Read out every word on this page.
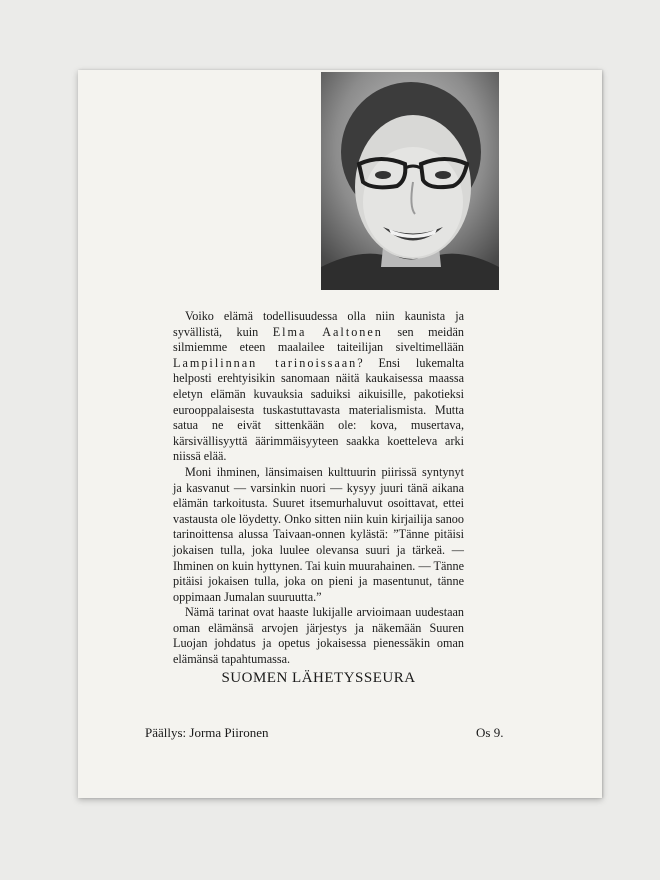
Voiko elämä todellisuudessa olla niin kaunista ja syvällistä, kuin Elma Aaltonen sen meidän silmiemme eteen maalailee taiteilijan siveltimellään Lampilinnan tarinoissaan? Ensi lukemalta helposti erehtyisikin sanomaan näitä kaukaisessa maassa eletyn elämän kuvauksia saduiksi aikuisille, pakotieksi eurooppalaisesta tuskastuttavasta materialismista. Mutta satua ne eivät sittenkään ole: kova, musertava, kärsivällisyyttä äärimmäisyyteen saakka koetteleva arki niissä elää.

Moni ihminen, länsimaisen kulttuurin piirissä syntynyt ja kasvanut — varsinkin nuori — kysyy juuri tänä aikana elämän tarkoitusta. Suuret itsemurhaluvut osoittavat, ettei vastausta ole löydetty. Onko sitten niin kuin kirjailija sanoo tarinoittensa alussa Taivaan-onnen kylästä: ”Tänne pitäisi jokaisen tulla, joka luulee olevansa suuri ja tärkeä. — Ihminen on kuin hyttynen. Tai kuin muurahainen. — Tänne pitäisi jokaisen tulla, joka on pieni ja masentunut, tänne oppimaan Jumalan suuruutta.”

Nämä tarinat ovat haaste lukijalle arvioimaan uudestaan oman elämänsä arvojen järjestys ja näkemään Suuren Luojan johdatus ja opetus jokaisessa pienessäkin oman elämänsä tapahtumassa.

SUOMEN LÄHETYSSEURA
Päällys: Jorma Piironen	Os 9.
